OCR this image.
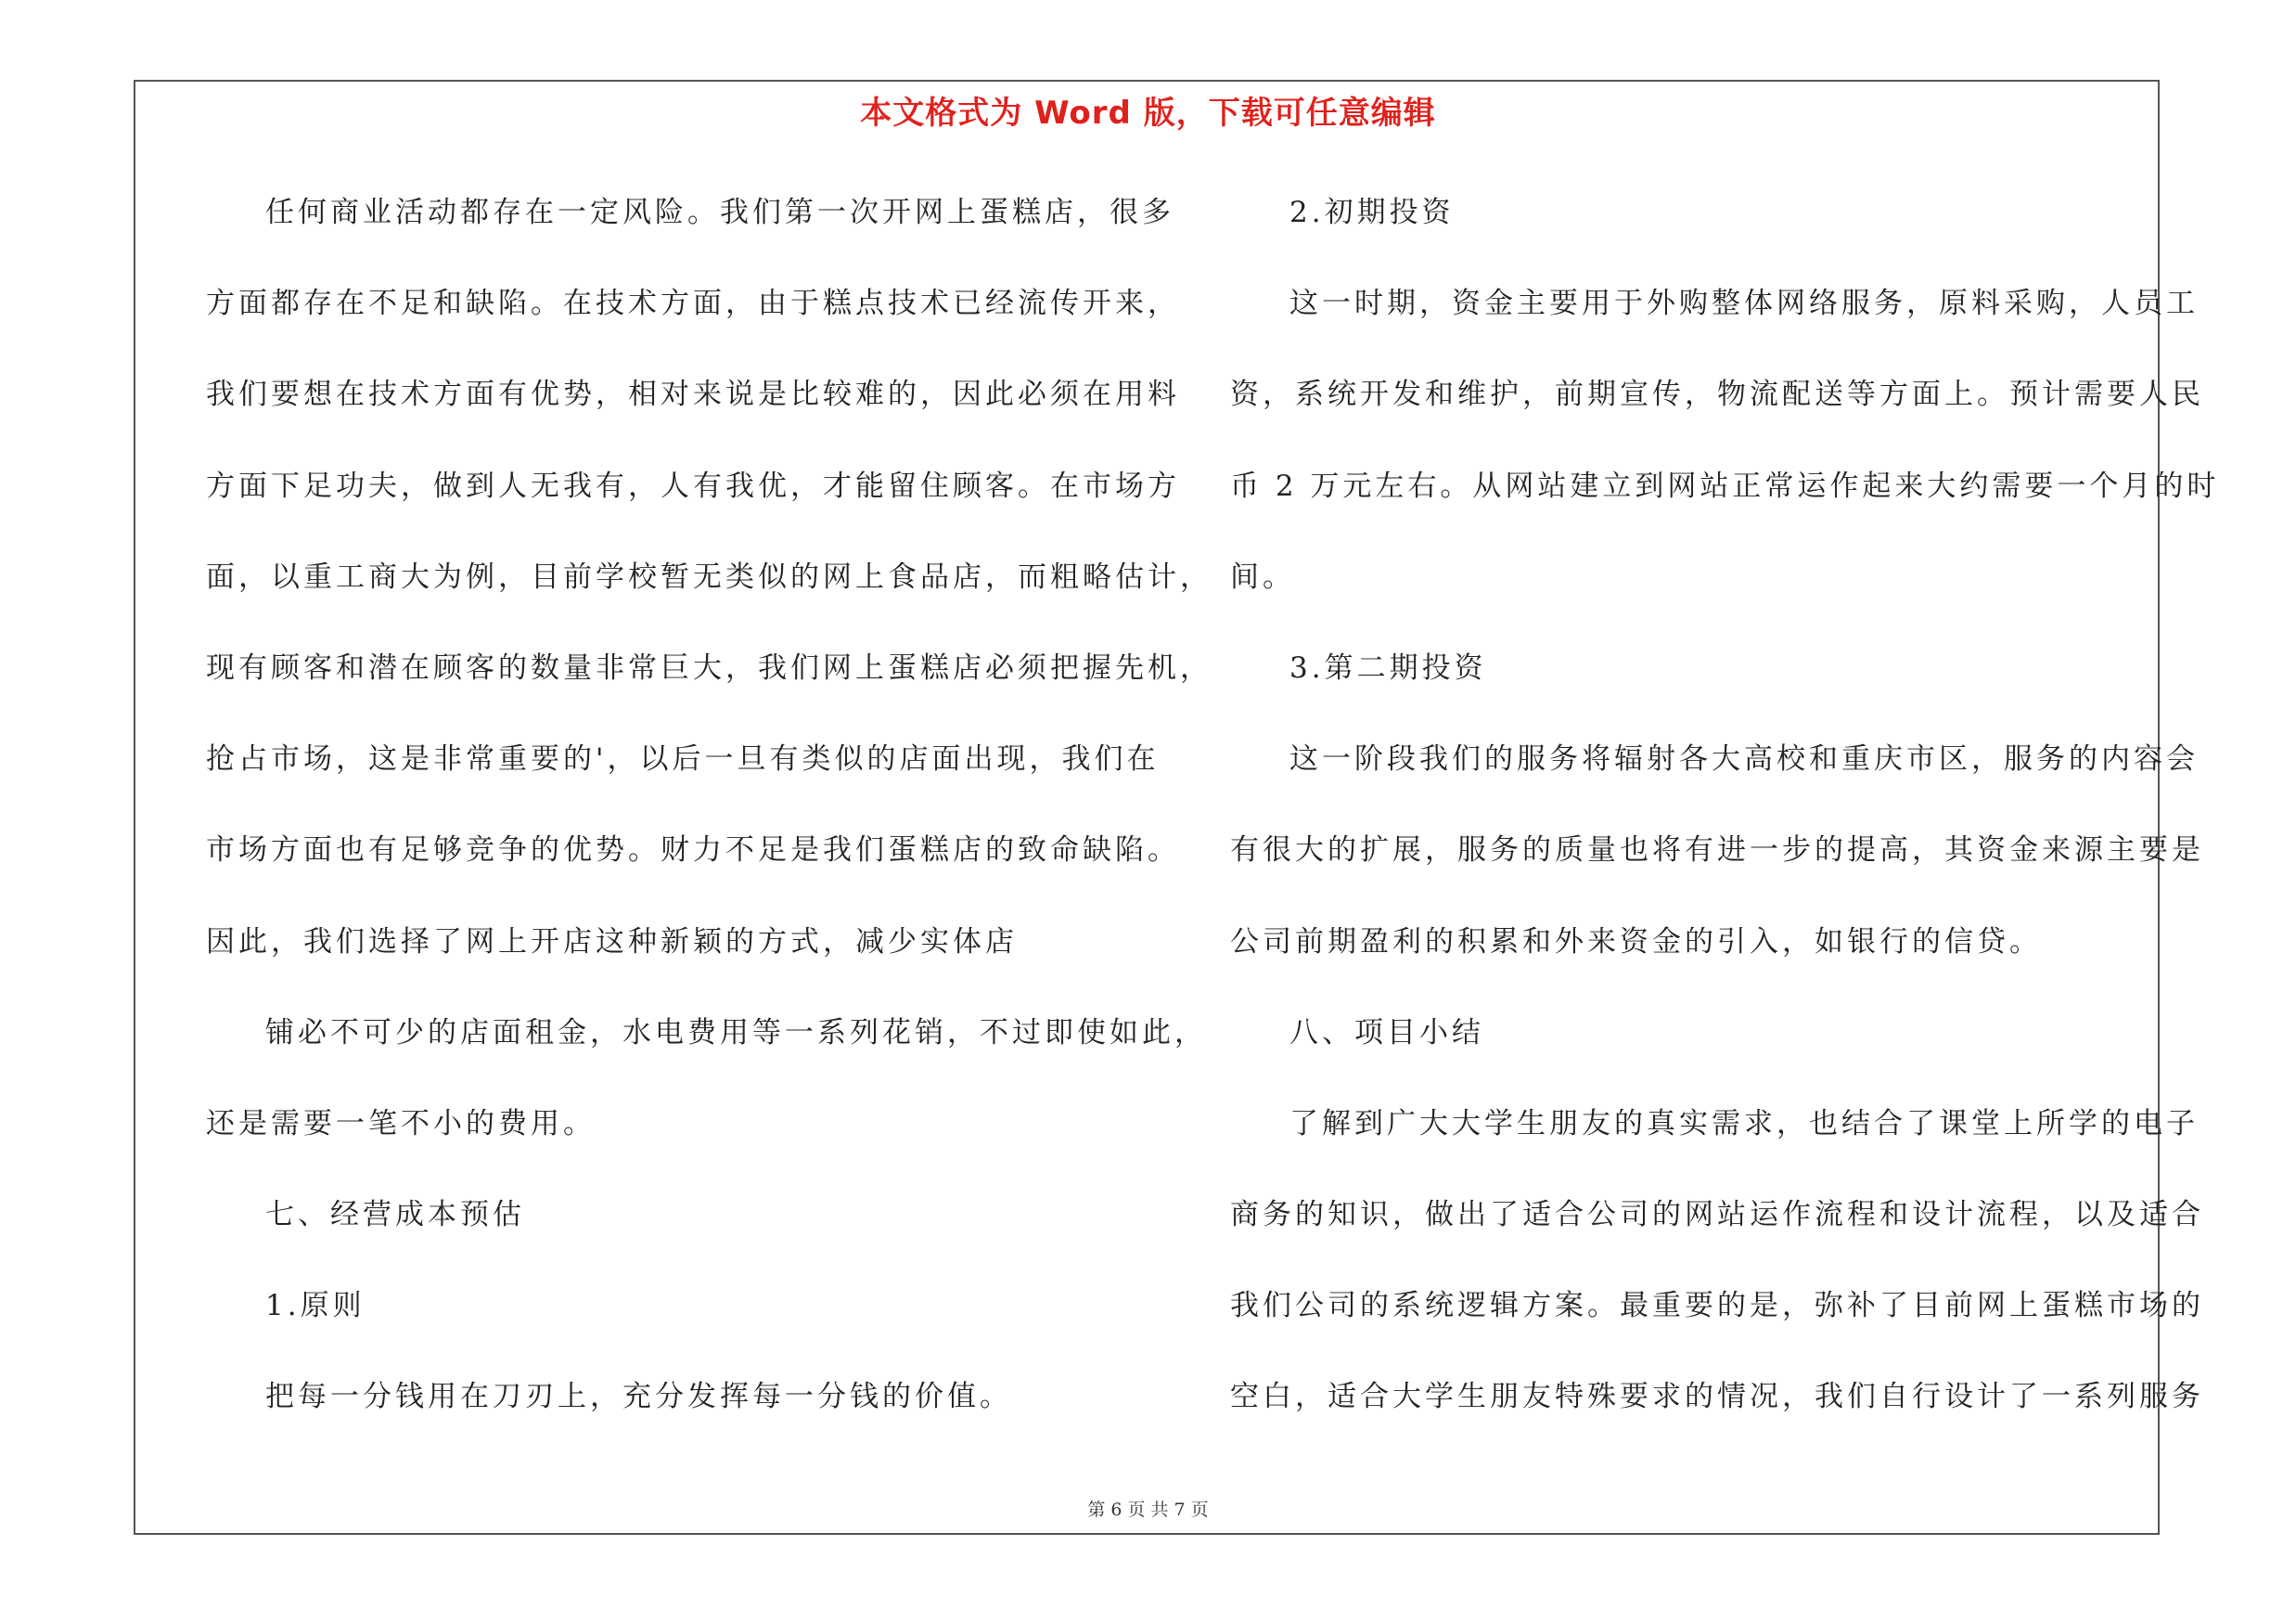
本文格式为 Word 版，下载可任意编辑
任何商业活动都存在一定风险。我们第一次开网上蛋糕店，很多
方面都存在不足和缺陷。在技术方面，由于糕点技术已经流传开来，
我们要想在技术方面有优势，相对来说是比较难的，因此必须在用料
方面下足功夫，做到人无我有，人有我优，才能留住顾客。在市场方
面，以重工商大为例，目前学校暂无类似的网上食品店，而粗略估计，
现有顾客和潜在顾客的数量非常巨大，我们网上蛋糕店必须把握先机，
抢占市场，这是非常重要的'，以后一旦有类似的店面出现，我们在
市场方面也有足够竞争的优势。财力不足是我们蛋糕店的致命缺陷。
因此，我们选择了网上开店这种新颖的方式，减少实体店
铺必不可少的店面租金，水电费用等一系列花销，不过即使如此，
还是需要一笔不小的费用。
七、经营成本预估
1.原则
把每一分钱用在刀刃上，充分发挥每一分钱的价值。
2.初期投资
这一时期，资金主要用于外购整体网络服务，原料采购，人员工
资，系统开发和维护，前期宣传，物流配送等方面上。预计需要人民
币 2 万元左右。从网站建立到网站正常运作起来大约需要一个月的时
间。
3.第二期投资
这一阶段我们的服务将辐射各大高校和重庆市区，服务的内容会
有很大的扩展，服务的质量也将有进一步的提高，其资金来源主要是
公司前期盈利的积累和外来资金的引入，如银行的信贷。
八、项目小结
了解到广大大学生朋友的真实需求，也结合了课堂上所学的电子
商务的知识，做出了适合公司的网站运作流程和设计流程，以及适合
我们公司的系统逻辑方案。最重要的是，弥补了目前网上蛋糕市场的
空白，适合大学生朋友特殊要求的情况，我们自行设计了一系列服务
第 6 页 共 7 页
